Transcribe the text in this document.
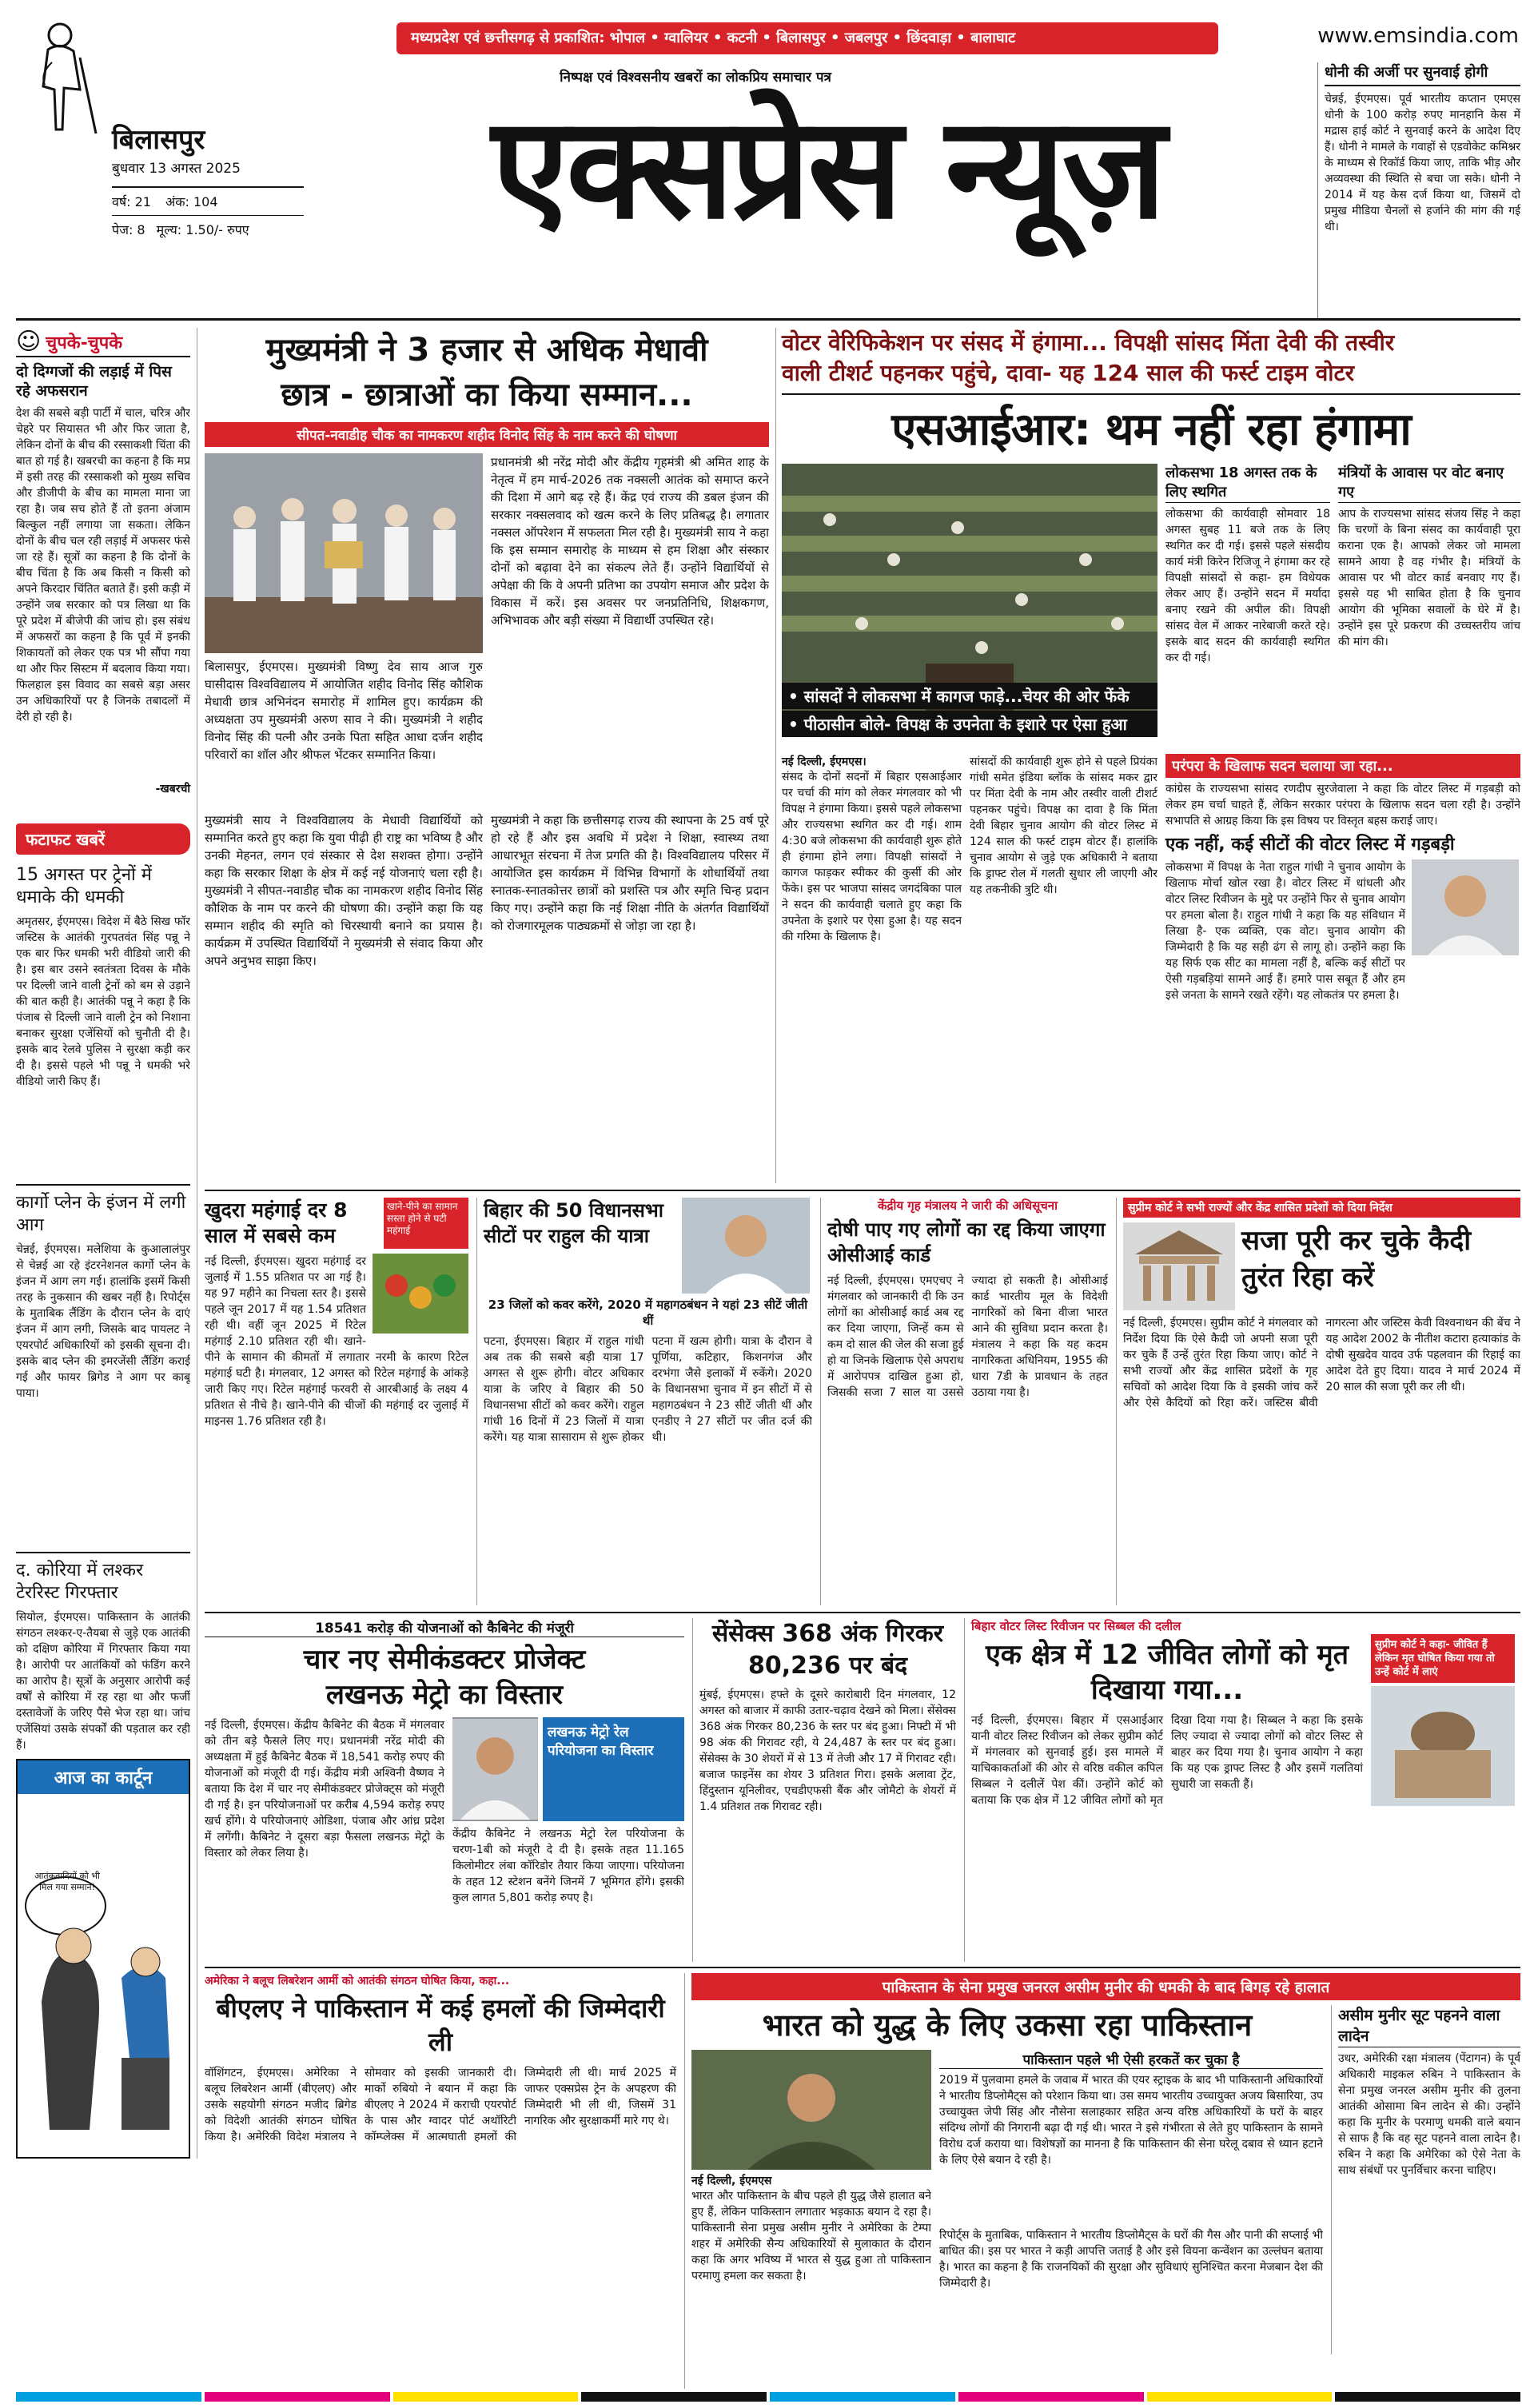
मध्यप्रदेश एवं छत्तीसगढ़ से प्रकाशित: भोपाल • ग्वालियर • कटनी • बिलासपुर • जबलपुर • छिंदवाड़ा • बालाघाट	www.emsindia.com
निष्पक्ष एवं विश्वसनीय खबरों का लोकप्रिय समाचार पत्र
एक्सप्रेस न्यूज़
बिलासपुर
बुधवार 13 अगस्त 2025
वर्ष: 21 अंक: 104
पेज: 8 मूल्य: 1.50/- रुपए
धोनी की अर्जी पर सुनवाई होगी
चेन्नई, ईएमएस। पूर्व भारतीय कप्तान एमएस धोनी के 100 करोड़ रुपए मानहानि केस में मद्रास हाई कोर्ट ने सुनवाई करने के आदेश दिए हैं। धोनी ने मामले के गवाहों से एडवोकेट कमिश्नर के माध्यम से रिकॉर्ड किया जाए, ताकि भीड़ और अव्यवस्था की स्थिति से बचा जा सके। धोनी ने 2014 में यह केस दर्ज किया था, जिसमें दो प्रमुख मीडिया चैनलों से हर्जाने की मांग की गई थी।
☺ चुपके-चुपके
दो दिग्गजों की लड़ाई में पिस रहे अफसरान
देश की सबसे बड़ी पार्टी में चाल, चरित्र और चेहरे पर सियासत भी और फिर जाता है, लेकिन दोनों के बीच की रस्साकशी चिंता की बात हो गई है। खबरची का कहना है कि मप्र में इसी तरह की रस्साकशी को मुख्य सचिव और डीजीपी के बीच का मामला माना जा रहा है। जब सच होते हैं तो इतना अंजाम बिल्कुल नहीं लगाया जा सकता। लेकिन दोनों के बीच चल रही लड़ाई में अफसर फंसे जा रहे हैं। सूत्रों का कहना है कि दोनों के बीच चिंता है कि अब किसी न किसी को अपने किरदार चिंतित बताते हैं। इसी कड़ी में उन्होंने जब सरकार को पत्र लिखा था कि पूरे प्रदेश में बीजेपी की जांच हो। इस संबंध में अफसरों का कहना है कि पूर्व में इनकी शिकायतों को लेकर एक पत्र भी सौंपा गया था और फिर सिस्टम में बदलाव किया गया। फिलहाल इस विवाद का सबसे बड़ा असर उन अधिकारियों पर है जिनके तबादलों में देरी हो रही है।
-खबरची
फटाफट खबरें
15 अगस्त पर ट्रेनों में धमाके की धमकी
अमृतसर, ईएमएस। विदेश में बैठे सिख फॉर जस्टिस के आतंकी गुरपतवंत सिंह पन्नू ने एक बार फिर धमकी भरी वीडियो जारी की है। इस बार उसने स्वतंत्रता दिवस के मौके पर दिल्ली जाने वाली ट्रेनों को बम से उड़ाने की बात कही है। आतंकी पन्नू ने कहा है कि पंजाब से दिल्ली जाने वाली ट्रेन को निशाना बनाकर सुरक्षा एजेंसियों को चुनौती दी है। इसके बाद रेलवे पुलिस ने सुरक्षा कड़ी कर दी है। इससे पहले भी पन्नू ने धमकी भरे वीडियो जारी किए हैं।
कार्गो प्लेन के इंजन में लगी आग
चेन्नई, ईएमएस। मलेशिया के कुआलालंपुर से चेन्नई आ रहे इंटरनेशनल कार्गो प्लेन के इंजन में आग लग गई। हालांकि इसमें किसी तरह के नुकसान की खबर नहीं है। रिपोर्ट्स के मुताबिक लैंडिंग के दौरान प्लेन के दाएं इंजन में आग लगी, जिसके बाद पायलट ने एयरपोर्ट अधिकारियों को इसकी सूचना दी। इसके बाद प्लेन की इमरजेंसी लैंडिंग कराई गई और फायर ब्रिगेड ने आग पर काबू पाया।
द. कोरिया में लश्कर टेररिस्ट गिरफ्तार
सियोल, ईएमएस। पाकिस्तान के आतंकी संगठन लश्कर-ए-तैयबा से जुड़े एक आतंकी को दक्षिण कोरिया में गिरफ्तार किया गया है। आरोपी पर आतंकियों को फंडिंग करने का आरोप है। सूत्रों के अनुसार आरोपी कई वर्षों से कोरिया में रह रहा था और फर्जी दस्तावेजों के जरिए पैसे भेज रहा था। जांच एजेंसियां उसके संपर्कों की पड़ताल कर रही हैं।
आज का कार्टून
आतंकवादियों को भी मिल गया सम्मान!
मुख्यमंत्री ने 3 हजार से अधिक मेधावी
छात्र - छात्राओं का किया सम्मान...
सीपत-नवाडीह चौक का नामकरण शहीद विनोद सिंह के नाम करने की घोषणा
बिलासपुर, ईएमएस। मुख्यमंत्री विष्णु देव साय आज गुरु घासीदास विश्वविद्यालय में आयोजित शहीद विनोद सिंह कौशिक मेधावी छात्र अभिनंदन समारोह में शामिल हुए। कार्यक्रम की अध्यक्षता उप मुख्यमंत्री अरुण साव ने की। मुख्यमंत्री ने शहीद विनोद सिंह की पत्नी और उनके पिता सहित आधा दर्जन शहीद परिवारों का शॉल और श्रीफल भेंटकर सम्मानित किया।
प्रधानमंत्री श्री नरेंद्र मोदी और केंद्रीय गृहमंत्री श्री अमित शाह के नेतृत्व में हम मार्च-2026 तक नक्सली आतंक को समाप्त करने की दिशा में आगे बढ़ रहे हैं। केंद्र एवं राज्य की डबल इंजन की सरकार नक्सलवाद को खत्म करने के लिए प्रतिबद्ध है। लगातार नक्सल ऑपरेशन में सफलता मिल रही है। मुख्यमंत्री साय ने कहा कि इस सम्मान समारोह के माध्यम से हम शिक्षा और संस्कार दोनों को बढ़ावा देने का संकल्प लेते हैं। उन्होंने विद्यार्थियों से अपेक्षा की कि वे अपनी प्रतिभा का उपयोग समाज और प्रदेश के विकास में करें। इस अवसर पर जनप्रतिनिधि, शिक्षकगण, अभिभावक और बड़ी संख्या में विद्यार्थी उपस्थित रहे।
मुख्यमंत्री साय ने विश्वविद्यालय के मेधावी विद्यार्थियों को सम्मानित करते हुए कहा कि युवा पीढ़ी ही राष्ट्र का भविष्य है और उनकी मेहनत, लगन एवं संस्कार से देश सशक्त होगा। उन्होंने कहा कि सरकार शिक्षा के क्षेत्र में कई नई योजनाएं चला रही है। मुख्यमंत्री ने सीपत-नवाडीह चौक का नामकरण शहीद विनोद सिंह कौशिक के नाम पर करने की घोषणा की। उन्होंने कहा कि यह सम्मान शहीद की स्मृति को चिरस्थायी बनाने का प्रयास है। कार्यक्रम में उपस्थित विद्यार्थियों ने मुख्यमंत्री से संवाद किया और अपने अनुभव साझा किए।
मुख्यमंत्री ने कहा कि छत्तीसगढ़ राज्य की स्थापना के 25 वर्ष पूरे हो रहे हैं और इस अवधि में प्रदेश ने शिक्षा, स्वास्थ्य तथा आधारभूत संरचना में तेज प्रगति की है। विश्वविद्यालय परिसर में आयोजित इस कार्यक्रम में विभिन्न विभागों के शोधार्थियों तथा स्नातक-स्नातकोत्तर छात्रों को प्रशस्ति पत्र और स्मृति चिन्ह प्रदान किए गए। उन्होंने कहा कि नई शिक्षा नीति के अंतर्गत विद्यार्थियों को रोजगारमूलक पाठ्यक्रमों से जोड़ा जा रहा है।
वोटर वेरिफिकेशन पर संसद में हंगामा... विपक्षी सांसद मिंता देवी की तस्वीर
वाली टीशर्ट पहनकर पहुंचे, दावा- यह 124 साल की फर्स्ट टाइम वोटर
एसआईआर: थम नहीं रहा हंगामा
• सांसदों ने लोकसभा में कागज फाड़े...चेयर की ओर फेंके
• पीठासीन बोले- विपक्ष के उपनेता के इशारे पर ऐसा हुआ
लोकसभा 18 अगस्त तक के लिए स्थगित
लोकसभा की कार्यवाही सोमवार 18 अगस्त सुबह 11 बजे तक के लिए स्थगित कर दी गई। इससे पहले संसदीय कार्य मंत्री किरेन रिजिजू ने हंगामा कर रहे विपक्षी सांसदों से कहा- हम विधेयक लेकर आए हैं। उन्होंने सदन में मर्यादा बनाए रखने की अपील की। विपक्षी सांसद वेल में आकर नारेबाजी करते रहे। इसके बाद सदन की कार्यवाही स्थगित कर दी गई।
मंत्रियों के आवास पर वोट बनाए गए
आप के राज्यसभा सांसद संजय सिंह ने कहा कि चरणों के बिना संसद का कार्यवाही पूरा कराना एक है। आपको लेकर जो मामला सामने आया है वह गंभीर है। मंत्रियों के आवास पर भी वोटर कार्ड बनवाए गए हैं। इससे यह भी साबित होता है कि चुनाव आयोग की भूमिका सवालों के घेरे में है। उन्होंने इस पूरे प्रकरण की उच्चस्तरीय जांच की मांग की।
नई दिल्ली, ईएमएस।
संसद के दोनों सदनों में बिहार एसआईआर पर चर्चा की मांग को लेकर मंगलवार को भी विपक्ष ने हंगामा किया। इससे पहले लोकसभा और राज्यसभा स्थगित कर दी गई। शाम 4:30 बजे लोकसभा की कार्यवाही शुरू होते ही हंगामा होने लगा। विपक्षी सांसदों ने कागज फाड़कर स्पीकर की कुर्सी की ओर फेंके। इस पर भाजपा सांसद जगदंबिका पाल ने सदन की कार्यवाही चलाते हुए कहा कि उपनेता के इशारे पर ऐसा हुआ है। यह सदन की गरिमा के खिलाफ है।
सांसदों की कार्यवाही शुरू होने से पहले प्रियंका गांधी समेत इंडिया ब्लॉक के सांसद मकर द्वार पर मिंता देवी के नाम और तस्वीर वाली टीशर्ट पहनकर पहुंचे। विपक्ष का दावा है कि मिंता देवी बिहार चुनाव आयोग की वोटर लिस्ट में 124 साल की फर्स्ट टाइम वोटर हैं। हालांकि चुनाव आयोग से जुड़े एक अधिकारी ने बताया कि ड्राफ्ट रोल में गलती सुधार ली जाएगी और यह तकनीकी त्रुटि थी।
परंपरा के खिलाफ सदन चलाया जा रहा...
कांग्रेस के राज्यसभा सांसद रणदीप सुरजेवाला ने कहा कि वोटर लिस्ट में गड़बड़ी को लेकर हम चर्चा चाहते हैं, लेकिन सरकार परंपरा के खिलाफ सदन चला रही है। उन्होंने सभापति से आग्रह किया कि इस विषय पर विस्तृत बहस कराई जाए।
एक नहीं, कई सीटों की वोटर लिस्ट में गड़बड़ी
लोकसभा में विपक्ष के नेता राहुल गांधी ने चुनाव आयोग के खिलाफ मोर्चा खोल रखा है। वोटर लिस्ट में धांधली और वोटर लिस्ट रिवीजन के मुद्दे पर उन्होंने फिर से चुनाव आयोग पर हमला बोला है। राहुल गांधी ने कहा कि यह संविधान में लिखा है- एक व्यक्ति, एक वोट। चुनाव आयोग की जिम्मेदारी है कि यह सही ढंग से लागू हो। उन्होंने कहा कि यह सिर्फ एक सीट का मामला नहीं है, बल्कि कई सीटों पर ऐसी गड़बड़ियां सामने आई हैं। हमारे पास सबूत हैं और हम इसे जनता के सामने रखते रहेंगे। यह लोकतंत्र पर हमला है।
खुदरा महंगाई दर 8 साल में सबसे कम
खाने-पीने का सामान सस्ता होने से घटी महंगाई
नई दिल्ली, ईएमएस। खुदरा महंगाई दर जुलाई में 1.55 प्रतिशत पर आ गई है। यह 97 महीने का निचला स्तर है। इससे पहले जून 2017 में यह 1.54 प्रतिशत रही थी। वहीं जून 2025 में रिटेल महंगाई 2.10 प्रतिशत रही थी। खाने-पीने के सामान की कीमतों में लगातार नरमी के कारण रिटेल महंगाई घटी है। मंगलवार, 12 अगस्त को रिटेल महंगाई के आंकड़े जारी किए गए। रिटेल महंगाई फरवरी से आरबीआई के लक्ष्य 4 प्रतिशत से नीचे है। खाने-पीने की चीजों की महंगाई दर जुलाई में माइनस 1.76 प्रतिशत रही है।
बिहार की 50 विधानसभा सीटों पर राहुल की यात्रा
23 जिलों को कवर करेंगे, 2020 में महागठबंधन ने यहां 23 सीटें जीती थीं
पटना, ईएमएस। बिहार में राहुल गांधी अब तक की सबसे बड़ी यात्रा 17 अगस्त से शुरू होगी। वोटर अधिकार यात्रा के जरिए वे बिहार की 50 विधानसभा सीटों को कवर करेंगे। राहुल गांधी 16 दिनों में 23 जिलों में यात्रा करेंगे। यह यात्रा सासाराम से शुरू होकर पटना में खत्म होगी। यात्रा के दौरान वे पूर्णिया, कटिहार, किशनगंज और दरभंगा जैसे इलाकों में रुकेंगे। 2020 के विधानसभा चुनाव में इन सीटों में से महागठबंधन ने 23 सीटें जीती थीं और एनडीए ने 27 सीटों पर जीत दर्ज की थी।
केंद्रीय गृह मंत्रालय ने जारी की अधिसूचना
दोषी पाए गए लोगों का रद्द किया जाएगा ओसीआई कार्ड
नई दिल्ली, ईएमएस। एमएचए ने मंगलवार को जानकारी दी कि उन लोगों का ओसीआई कार्ड अब रद्द कर दिया जाएगा, जिन्हें कम से कम दो साल की जेल की सजा हुई हो या जिनके खिलाफ ऐसे अपराध में आरोपपत्र दाखिल हुआ हो, जिसकी सजा 7 साल या उससे ज्यादा हो सकती है। ओसीआई कार्ड भारतीय मूल के विदेशी नागरिकों को बिना वीजा भारत आने की सुविधा प्रदान करता है। मंत्रालय ने कहा कि यह कदम नागरिकता अधिनियम, 1955 की धारा 7डी के प्रावधान के तहत उठाया गया है।
सुप्रीम कोर्ट ने सभी राज्यों और केंद्र शासित प्रदेशों को दिया निर्देश
सजा पूरी कर चुके कैदी तुरंत रिहा करें
नई दिल्ली, ईएमएस। सुप्रीम कोर्ट ने मंगलवार को निर्देश दिया कि ऐसे कैदी जो अपनी सजा पूरी कर चुके हैं उन्हें तुरंत रिहा किया जाए। कोर्ट ने सभी राज्यों और केंद्र शासित प्रदेशों के गृह सचिवों को आदेश दिया कि वे इसकी जांच करें और ऐसे कैदियों को रिहा करें। जस्टिस बीवी नागरत्ना और जस्टिस केवी विश्वनाथन की बेंच ने यह आदेश 2002 के नीतीश कटारा हत्याकांड के दोषी सुखदेव यादव उर्फ पहलवान की रिहाई का आदेश देते हुए दिया। यादव ने मार्च 2024 में 20 साल की सजा पूरी कर ली थी।
18541 करोड़ की योजनाओं को कैबिनेट की मंजूरी
चार नए सेमीकंडक्टर प्रोजेक्ट
लखनऊ मेट्रो का विस्तार
नई दिल्ली, ईएमएस। केंद्रीय कैबिनेट की बैठक में मंगलवार को तीन बड़े फैसले लिए गए। प्रधानमंत्री नरेंद्र मोदी की अध्यक्षता में हुई कैबिनेट बैठक में 18,541 करोड़ रुपए की योजनाओं को मंजूरी दी गई। केंद्रीय मंत्री अश्विनी वैष्णव ने बताया कि देश में चार नए सेमीकंडक्टर प्रोजेक्ट्स को मंजूरी दी गई है। इन परियोजनाओं पर करीब 4,594 करोड़ रुपए खर्च होंगे। ये परियोजनाएं ओडिशा, पंजाब और आंध्र प्रदेश में लगेंगी। कैबिनेट ने दूसरा बड़ा फैसला लखनऊ मेट्रो के विस्तार को लेकर लिया है।
लखनऊ मेट्रो रेल परियोजना का विस्तार
केंद्रीय कैबिनेट ने लखनऊ मेट्रो रेल परियोजना के चरण-1बी को मंजूरी दे दी है। इसके तहत 11.165 किलोमीटर लंबा कॉरिडोर तैयार किया जाएगा। परियोजना के तहत 12 स्टेशन बनेंगे जिनमें 7 भूमिगत होंगे। इसकी कुल लागत 5,801 करोड़ रुपए है।
सेंसेक्स 368 अंक गिरकर 80,236 पर बंद
मुंबई, ईएमएस। हफ्ते के दूसरे कारोबारी दिन मंगलवार, 12 अगस्त को बाजार में काफी उतार-चढ़ाव देखने को मिला। सेंसेक्स 368 अंक गिरकर 80,236 के स्तर पर बंद हुआ। निफ्टी में भी 98 अंक की गिरावट रही, ये 24,487 के स्तर पर बंद हुआ। सेंसेक्स के 30 शेयरों में से 13 में तेजी और 17 में गिरावट रही। बजाज फाइनेंस का शेयर 3 प्रतिशत गिरा। इसके अलावा ट्रेंट, हिंदुस्तान यूनिलीवर, एचडीएफसी बैंक और जोमैटो के शेयरों में 1.4 प्रतिशत तक गिरावट रही।
बिहार वोटर लिस्ट रिवीजन पर सिब्बल की दलील
एक क्षेत्र में 12 जीवित लोगों को मृत दिखाया गया...
नई दिल्ली, ईएमएस। बिहार में एसआईआर यानी वोटर लिस्ट रिवीजन को लेकर सुप्रीम कोर्ट में मंगलवार को सुनवाई हुई। इस मामले में याचिकाकर्ताओं की ओर से वरिष्ठ वकील कपिल सिब्बल ने दलीलें पेश कीं। उन्होंने कोर्ट को बताया कि एक क्षेत्र में 12 जीवित लोगों को मृत दिखा दिया गया है। सिब्बल ने कहा कि इसके लिए ज्यादा से ज्यादा लोगों को वोटर लिस्ट से बाहर कर दिया गया है। चुनाव आयोग ने कहा कि यह एक ड्राफ्ट लिस्ट है और इसमें गलतियां सुधारी जा सकती हैं।
सुप्रीम कोर्ट ने कहा- जीवित हैं लेकिन मृत घोषित किया गया तो उन्हें कोर्ट में लाएं
अमेरिका ने बलूच लिबरेशन आर्मी को आतंकी संगठन घोषित किया, कहा...
बीएलए ने पाकिस्तान में कई हमलों की जिम्मेदारी ली
वॉशिंगटन, ईएमएस। अमेरिका ने बलूच लिबरेशन आर्मी (बीएलए) और उसके सहयोगी संगठन मजीद ब्रिगेड को विदेशी आतंकी संगठन घोषित किया है। अमेरिकी विदेश मंत्रालय ने सोमवार को इसकी जानकारी दी। मार्को रुबियो ने बयान में कहा कि बीएलए ने 2024 में कराची एयरपोर्ट के पास और ग्वादर पोर्ट अथॉरिटी कॉम्प्लेक्स में आत्मघाती हमलों की जिम्मेदारी ली थी। मार्च 2025 में जाफर एक्सप्रेस ट्रेन के अपहरण की जिम्मेदारी भी ली थी, जिसमें 31 नागरिक और सुरक्षाकर्मी मारे गए थे।
पाकिस्तान के सेना प्रमुख जनरल असीम मुनीर की धमकी के बाद बिगड़ रहे हालात
भारत को युद्ध के लिए उकसा रहा पाकिस्तान
नई दिल्ली, ईएमएस
भारत और पाकिस्तान के बीच पहले ही युद्ध जैसे हालात बने हुए हैं, लेकिन पाकिस्तान लगातार भड़काऊ बयान दे रहा है। पाकिस्तानी सेना प्रमुख असीम मुनीर ने अमेरिका के टेम्पा शहर में अमेरिकी सैन्य अधिकारियों से मुलाकात के दौरान कहा कि अगर भविष्य में भारत से युद्ध हुआ तो पाकिस्तान परमाणु हमला कर सकता है।
पाकिस्तान पहले भी ऐसी हरकतें कर चुका है
2019 में पुलवामा हमले के जवाब में भारत की एयर स्ट्राइक के बाद भी पाकिस्तानी अधिकारियों ने भारतीय डिप्लोमैट्स को परेशान किया था। उस समय भारतीय उच्चायुक्त अजय बिसारिया, उप उच्चायुक्त जेपी सिंह और नौसेना सलाहकार सहित अन्य वरिष्ठ अधिकारियों के घरों के बाहर संदिग्ध लोगों की निगरानी बढ़ा दी गई थी। भारत ने इसे गंभीरता से लेते हुए पाकिस्तान के सामने विरोध दर्ज कराया था। विशेषज्ञों का मानना है कि पाकिस्तान की सेना घरेलू दबाव से ध्यान हटाने के लिए ऐसे बयान दे रही है।
रिपोर्ट्स के मुताबिक, पाकिस्तान ने भारतीय डिप्लोमैट्स के घरों की गैस और पानी की सप्लाई भी बाधित की। इस पर भारत ने कड़ी आपत्ति जताई है और इसे वियना कन्वेंशन का उल्लंघन बताया है। भारत का कहना है कि राजनयिकों की सुरक्षा और सुविधाएं सुनिश्चित करना मेजबान देश की जिम्मेदारी है।
असीम मुनीर सूट पहनने वाला लादेन
उधर, अमेरिकी रक्षा मंत्रालय (पेंटागन) के पूर्व अधिकारी माइकल रुबिन ने पाकिस्तान के सेना प्रमुख जनरल असीम मुनीर की तुलना आतंकी ओसामा बिन लादेन से की। उन्होंने कहा कि मुनीर के परमाणु धमकी वाले बयान से साफ है कि वह सूट पहनने वाला लादेन है। रुबिन ने कहा कि अमेरिका को ऐसे नेता के साथ संबंधों पर पुनर्विचार करना चाहिए।
